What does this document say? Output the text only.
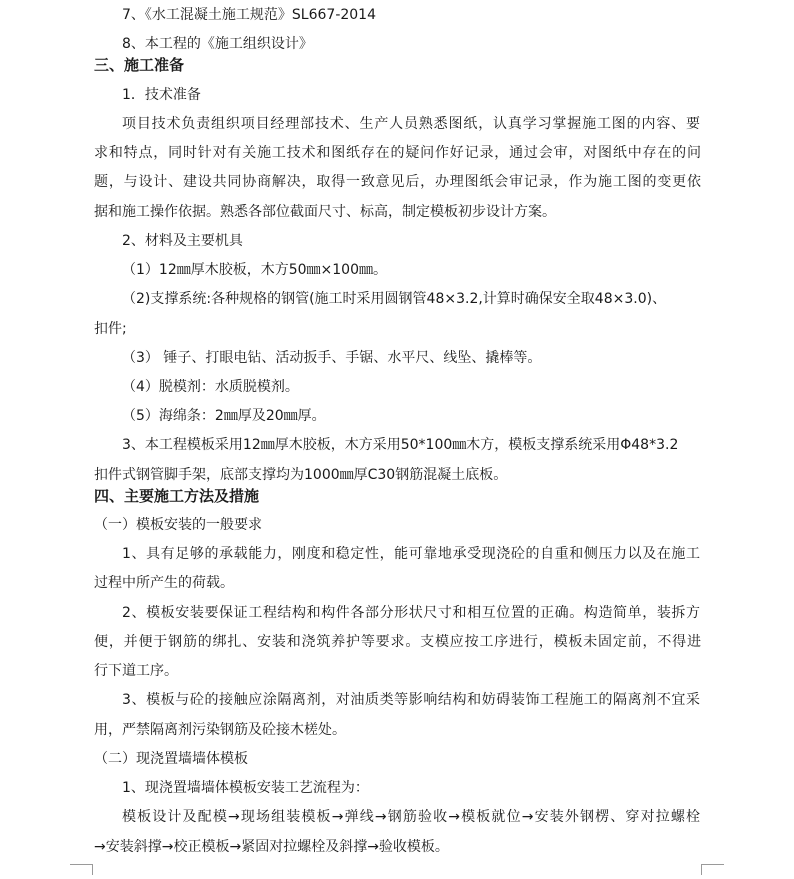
7、《水工混凝土施工规范》SL667-2014
8、本工程的《施工组织设计》
三、施工准备
1．技术准备
项目技术负责组织项目经理部技术、生产人员熟悉图纸，认真学习掌握施工图的内容、要
求和特点，同时针对有关施工技术和图纸存在的疑问作好记录，通过会审，对图纸中存在的问
题，与设计、建设共同协商解决，取得一致意见后，办理图纸会审记录，作为施工图的变更依
据和施工操作依据。熟悉各部位截面尺寸、标高，制定模板初步设计方案。
2、材料及主要机具
（1）12㎜厚木胶板，木方50㎜×100㎜。
（2)支撑系统:各种规格的钢管(施工时采用圆钢管48×3.2,计算时确保安全取48×3.0)、
扣件;
（3） 锤子、打眼电钻、活动扳手、手锯、水平尺、线坠、撬棒等。
（4）脱模剂：水质脱模剂。
（5）海绵条：2㎜厚及20㎜厚。
3、本工程模板采用12㎜厚木胶板，木方采用50*100㎜木方，模板支撑系统采用Φ48*3.2
扣件式钢管脚手架，底部支撑均为1000㎜厚C30钢筋混凝土底板。
四、主要施工方法及措施
（一）模板安装的一般要求
1、具有足够的承载能力，刚度和稳定性，能可靠地承受现浇砼的自重和侧压力以及在施工
过程中所产生的荷载。
2、模板安装要保证工程结构和构件各部分形状尺寸和相互位置的正确。构造简单，装拆方
便，并便于钢筋的绑扎、安装和浇筑养护等要求。支模应按工序进行，模板未固定前，不得进
行下道工序。
3、模板与砼的接触应涂隔离剂，对油质类等影响结构和妨碍装饰工程施工的隔离剂不宜采
用，严禁隔离剂污染钢筋及砼接木槎处。
（二）现浇置墙墙体模板
1、现浇置墙墙体模板安装工艺流程为：
模板设计及配模→现场组装模板→弹线→钢筋验收→模板就位→安装外钢楞、穿对拉螺栓
→安装斜撑→校正模板→紧固对拉螺栓及斜撑→验收模板。
